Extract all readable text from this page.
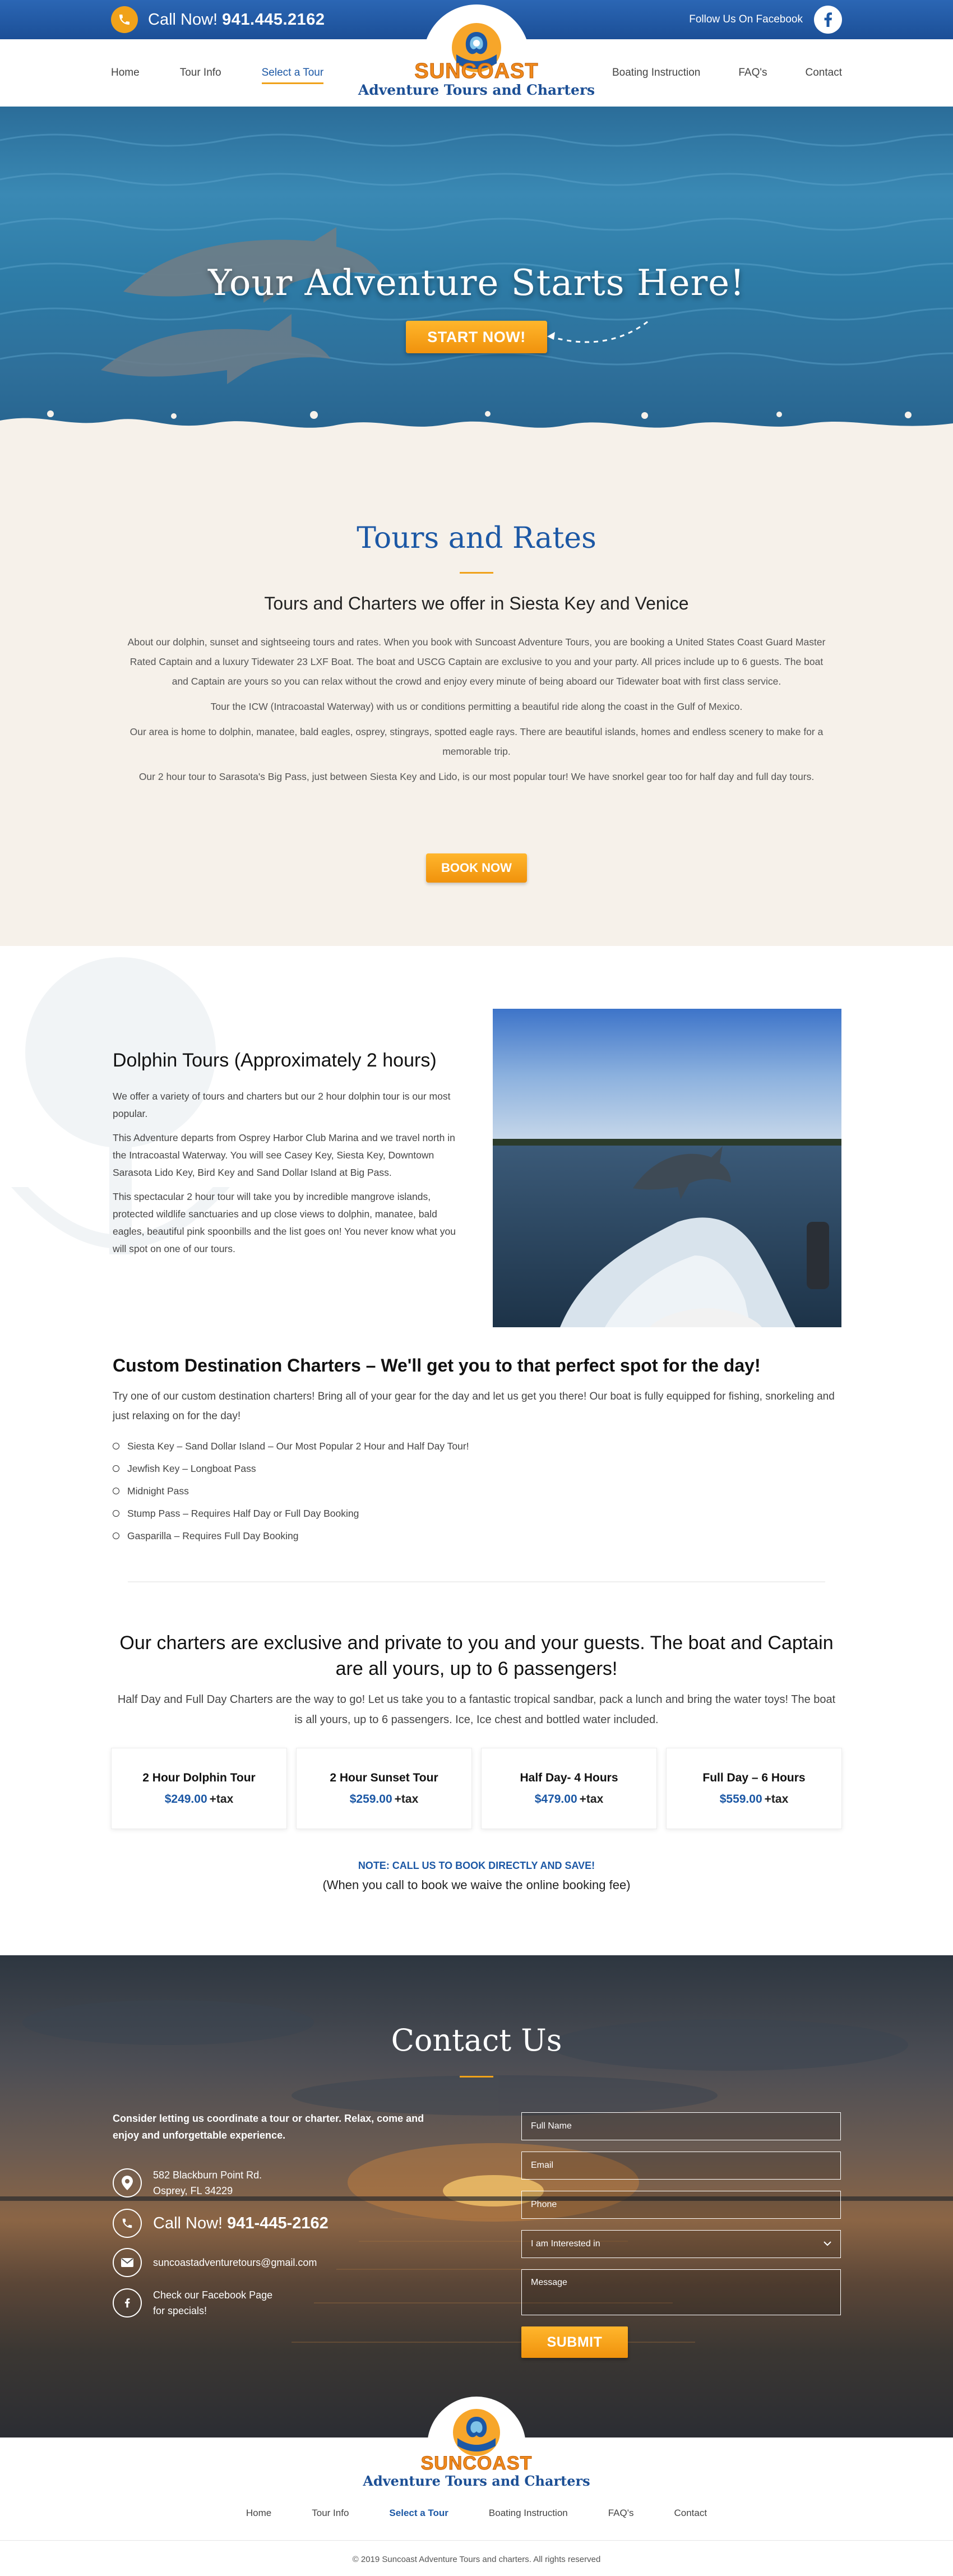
Call Now! 941.445.2162	Follow Us On Facebook
Home	Tour Info	Select a Tour	Boating Instruction	FAQ's	Contact
SUNCOAST
Adventure Tours and Charters
Your Adventure Starts Here!
START NOW!
Tours and Rates
Tours and Charters we offer in Siesta Key and Venice

About our dolphin, sunset and sightseeing tours and rates. When you book with Suncoast Adventure Tours, you are booking a United States Coast Guard Master Rated Captain and a luxury Tidewater 23 LXF Boat. The boat and USCG Captain are exclusive to you and your party. All prices include up to 6 guests. The boat and Captain are yours so you can relax without the crowd and enjoy every minute of being aboard our Tidewater boat with first class service.

Tour the ICW (Intracoastal Waterway) with us or conditions permitting a beautiful ride along the coast in the Gulf of Mexico.

Our area is home to dolphin, manatee, bald eagles, osprey, stingrays, spotted eagle rays. There are beautiful islands, homes and endless scenery to make for a memorable trip.

Our 2 hour tour to Sarasota's Big Pass, just between Siesta Key and Lido, is our most popular tour! We have snorkel gear too for half day and full day tours.

BOOK NOW
Dolphin Tours (Approximately 2 hours)

We offer a variety of tours and charters but our 2 hour dolphin tour is our most popular.

This Adventure departs from Osprey Harbor Club Marina and we travel north in the Intracoastal Waterway. You will see Casey Key, Siesta Key, Downtown Sarasota Lido Key, Bird Key and Sand Dollar Island at Big Pass.

This spectacular 2 hour tour will take you by incredible mangrove islands, protected wildlife sanctuaries and up close views to dolphin, manatee, bald eagles, beautiful pink spoonbills and the list goes on! You never know what you will spot on one of our tours.

Custom Destination Charters – We'll get you to that perfect spot for the day!
Try one of our custom destination charters! Bring all of your gear for the day and let us get you there! Our boat is fully equipped for fishing, snorkeling and just relaxing on for the day!
Siesta Key – Sand Dollar Island – Our Most Popular 2 Hour and Half Day Tour!
Jewfish Key – Longboat Pass
Midnight Pass
Stump Pass – Requires Half Day or Full Day Booking
Gasparilla – Requires Full Day Booking
Our charters are exclusive and private to you and your guests. The boat and Captain are all yours, up to 6 passengers!
Half Day and Full Day Charters are the way to go! Let us take you to a fantastic tropical sandbar, pack a lunch and bring the water toys! The boat is all yours, up to 6 passengers. Ice, Ice chest and bottled water included.
2 Hour Dolphin Tour
$249.00 +tax
2 Hour Sunset Tour
$259.00 +tax
Half Day- 4 Hours
$479.00 +tax
Full Day – 6 Hours
$559.00 +tax
NOTE: CALL US TO BOOK DIRECTLY AND SAVE!
(When you call to book we waive the online booking fee)
Contact Us
Consider letting us coordinate a tour or charter. Relax, come and enjoy and unforgettable experience.
582 Blackburn Point Rd.
Osprey, FL 34229
Call Now! 941-445-2162
suncoastadventuretours@gmail.com
Check our Facebook Page
for specials!
Full Name
Email
Phone
I am Interested in
Message
SUBMIT
SUNCOAST
Adventure Tours and Charters
Home	Tour Info	Select a Tour	Boating Instruction	FAQ's	Contact
© 2019 Suncoast Adventure Tours and charters. All rights reserved
